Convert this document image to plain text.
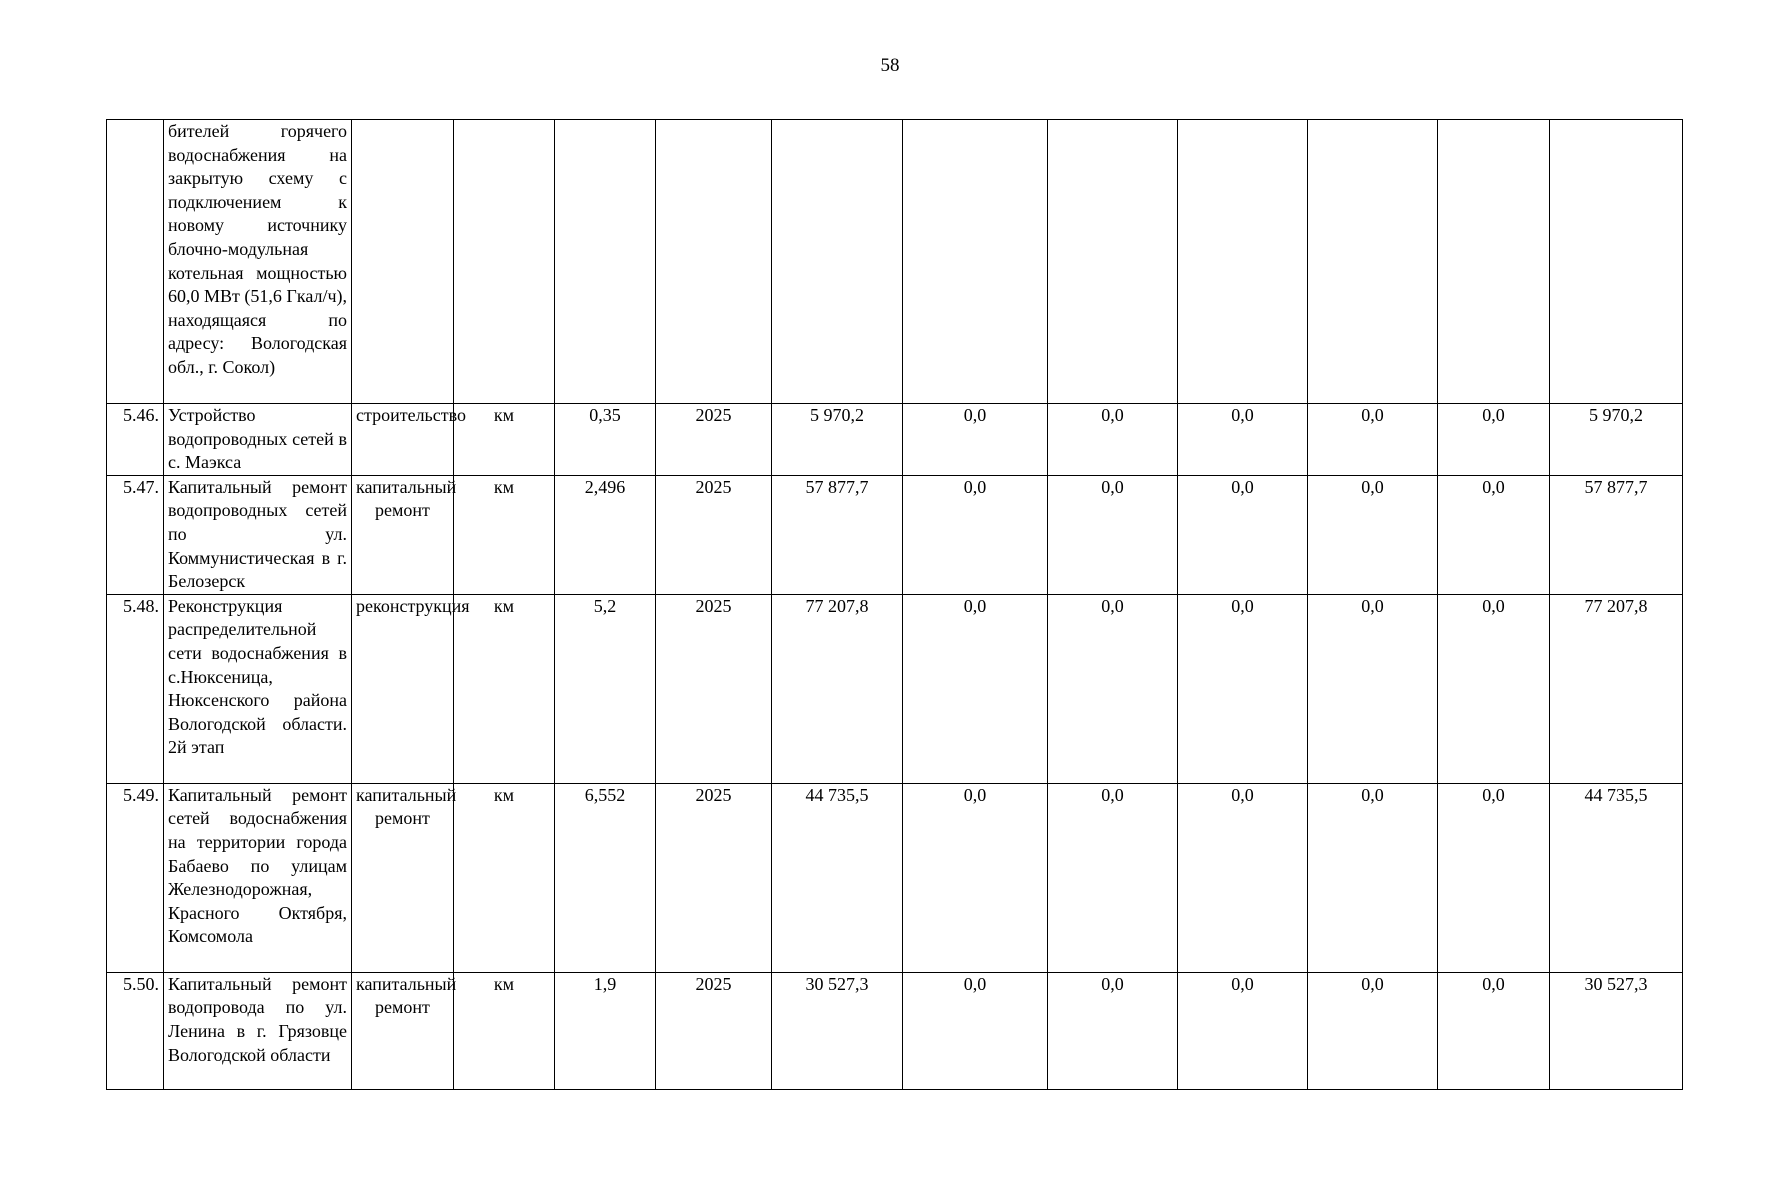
58
	бителей горячего водоснабжения на закрытую схему с подключением к новому источнику блочно-модульная котельная мощностью 60,0 МВт (51,6 Гкал/ч), находящаяся по адресу: Вологодская обл., г. Сокол)											
5.46.	Устройство водопроводных сетей в с. Маэкса	строительство	км	0,35	2025	5 970,2	0,0	0,0	0,0	0,0	0,0	5 970,2
5.47.	Капитальный ремонт водопроводных сетей по ул. Коммунистическая в г. Белозерск	капитальный ремонт	км	2,496	2025	57 877,7	0,0	0,0	0,0	0,0	0,0	57 877,7
5.48.	Реконструкция распределительной сети водоснабжения в с.Нюксеница, Нюксенского района Вологодской области. 2й этап	реконструкция	км	5,2	2025	77 207,8	0,0	0,0	0,0	0,0	0,0	77 207,8
5.49.	Капитальный ремонт сетей водоснабжения на территории города Бабаево по улицам Железнодорожная, Красного Октября, Комсомола	капитальный ремонт	км	6,552	2025	44 735,5	0,0	0,0	0,0	0,0	0,0	44 735,5
5.50.	Капитальный ремонт водопровода по ул. Ленина в г. Грязовце Вологодской области	капитальный ремонт	км	1,9	2025	30 527,3	0,0	0,0	0,0	0,0	0,0	30 527,3
